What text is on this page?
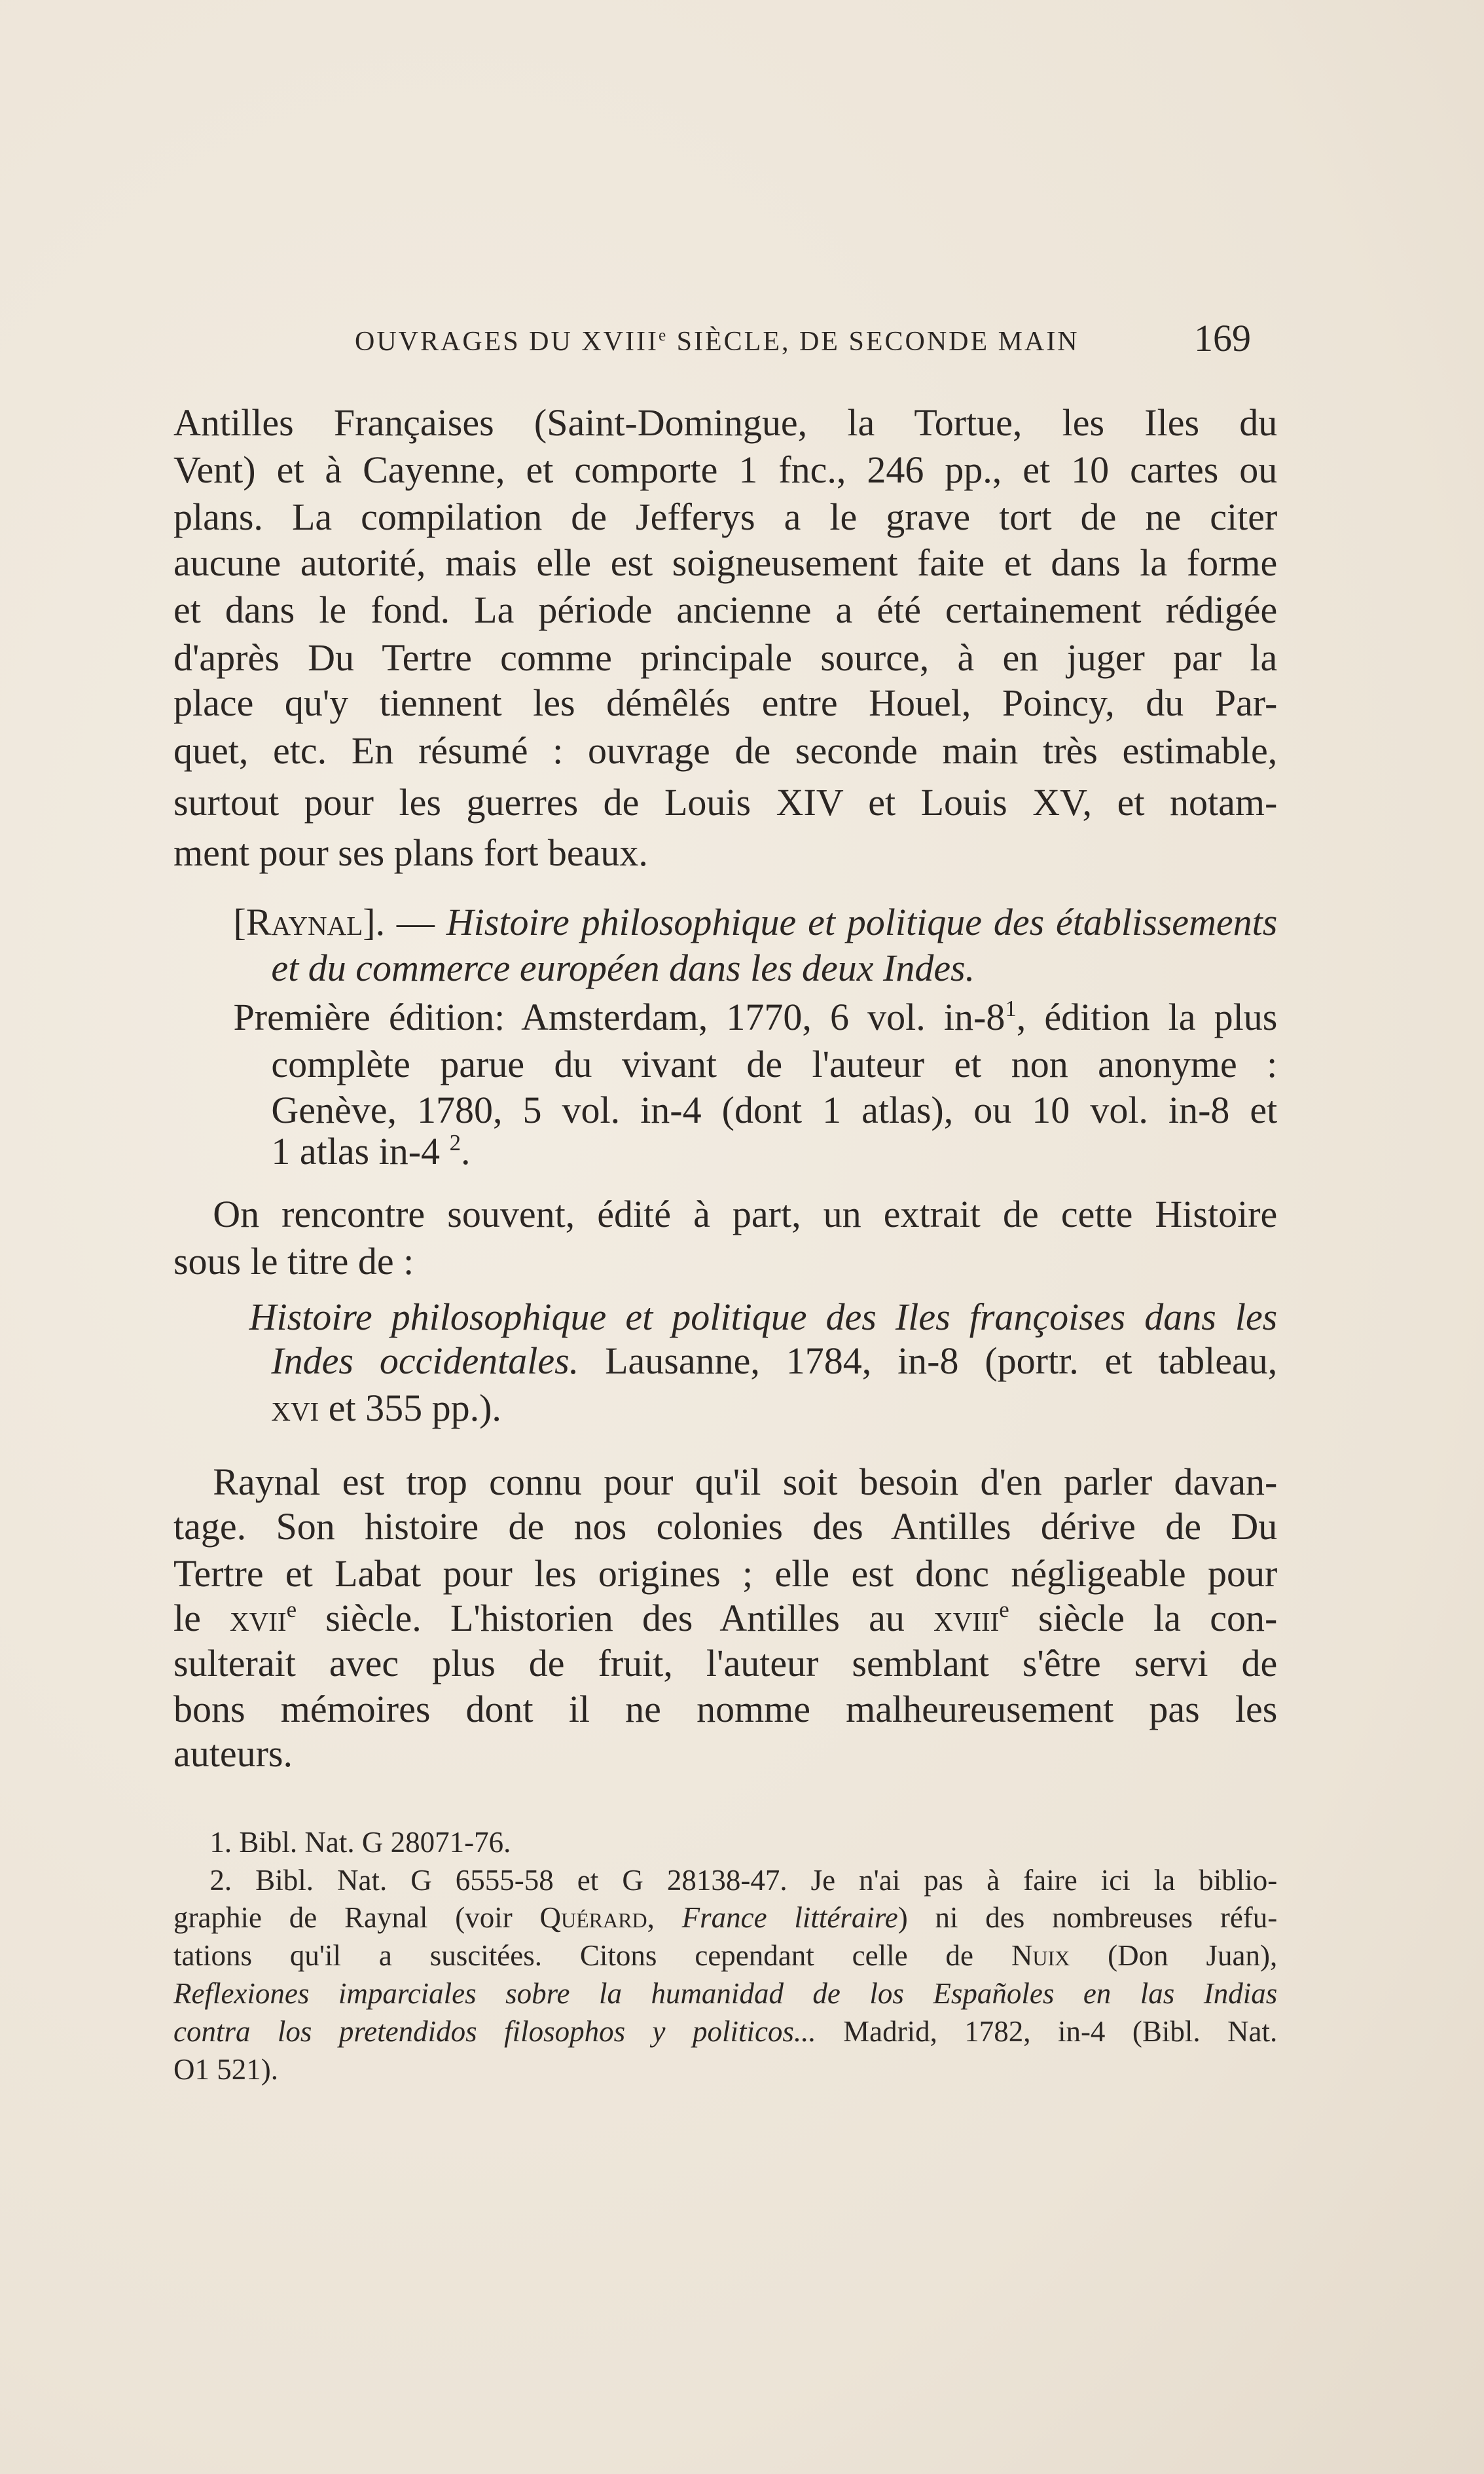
OUVRAGES DU XVIIIe SIÈCLE, DE SECONDE MAIN	169
Antilles Françaises (Saint-Domingue, la Tortue, les Iles du
Vent) et à Cayenne, et comporte 1 fnc., 246 pp., et 10 cartes ou
plans. La compilation de Jefferys a le grave tort de ne citer
aucune autorité, mais elle est soigneusement faite et dans la forme
et dans le fond. La période ancienne a été certainement rédigée
d'après Du Tertre comme principale source, à en juger par la
place qu'y tiennent les démêlés entre Houel, Poincy, du Par-
quet, etc. En résumé : ouvrage de seconde main très estimable,
surtout pour les guerres de Louis XIV et Louis XV, et notam-
ment pour ses plans fort beaux.
[Raynal]. — Histoire philosophique et politique des établissements
et du commerce européen dans les deux Indes.
Première édition: Amsterdam, 1770, 6 vol. $in-8^1$, édition la plus
complète parue du vivant de l'auteur et non anonyme :
Genève, 1780, 5 vol. in-4 (dont 1 atlas), ou 10 vol. in-8 et
1 atlas in-4 $^2$.
On rencontre souvent, édité à part, un extrait de cette Histoire
sous le titre de :
Histoire philosophique et politique des Iles françoises dans les
Indes occidentales. Lausanne, 1784, in-8 (portr. et tableau,
xvi et 355 pp.).
Raynal est trop connu pour qu'il soit besoin d'en parler davan-
tage. Son histoire de nos colonies des Antilles dérive de Du
Tertre et Labat pour les origines ; elle est donc négligeable pour
le xvii$^e$ siècle. L'historien des Antilles au xviii$^e$ siècle la con-
sulterait avec plus de fruit, l'auteur semblant s'être servi de
bons mémoires dont il ne nomme malheureusement pas les
auteurs.
1. Bibl. Nat. G 28071-76.
2. Bibl. Nat. G 6555-58 et G 28138-47. Je n'ai pas à faire ici la biblio-
graphie de Raynal (voir Quérard, France littéraire) ni des nombreuses réfu-
tations qu'il a suscitées. Citons cependant celle de Nuix (Don Juan),
Reflexiones imparciales sobre la humanidad de los Españoles en las Indias
contra los pretendidos filosophos y politicos... Madrid, 1782, in-4 (Bibl. Nat.
O1 521).
